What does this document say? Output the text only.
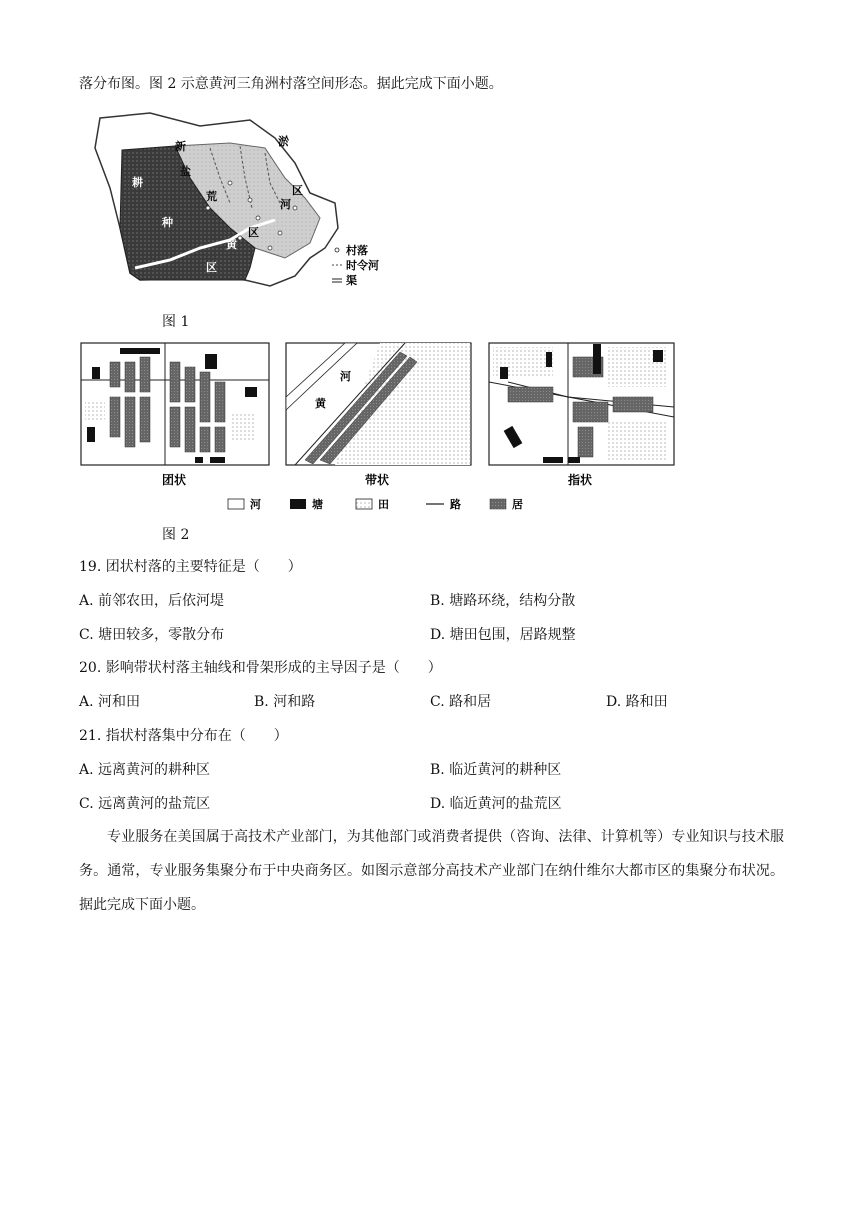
落分布图。图 2 示意黄河三角洲村落空间形态。据此完成下面小题。
新	淤
盐
荒	区
河
耕
种
区
黄
区
村落
时令河
渠
图 1
河
黄
团状	带状	指状
河	塘	田	路	居
图 2
19. 团状村落的主要特征是（　　）
A. 前邻农田，后依河堤	B. 塘路环绕，结构分散
C. 塘田较多，零散分布	D. 塘田包围，居路规整
20. 影响带状村落主轴线和骨架形成的主导因子是（　　）
A. 河和田	B. 河和路	C. 路和居	D. 路和田
21. 指状村落集中分布在（　　）
A. 远离黄河的耕种区	B. 临近黄河的耕种区
C. 远离黄河的盐荒区	D. 临近黄河的盐荒区
专业服务在美国属于高技术产业部门，为其他部门或消费者提供（咨询、法律、计算机等）专业知识与技术服务。通常，专业服务集聚分布于中央商务区。如图示意部分高技术产业部门在纳什维尔大都市区的集聚分布状况。据此完成下面小题。
